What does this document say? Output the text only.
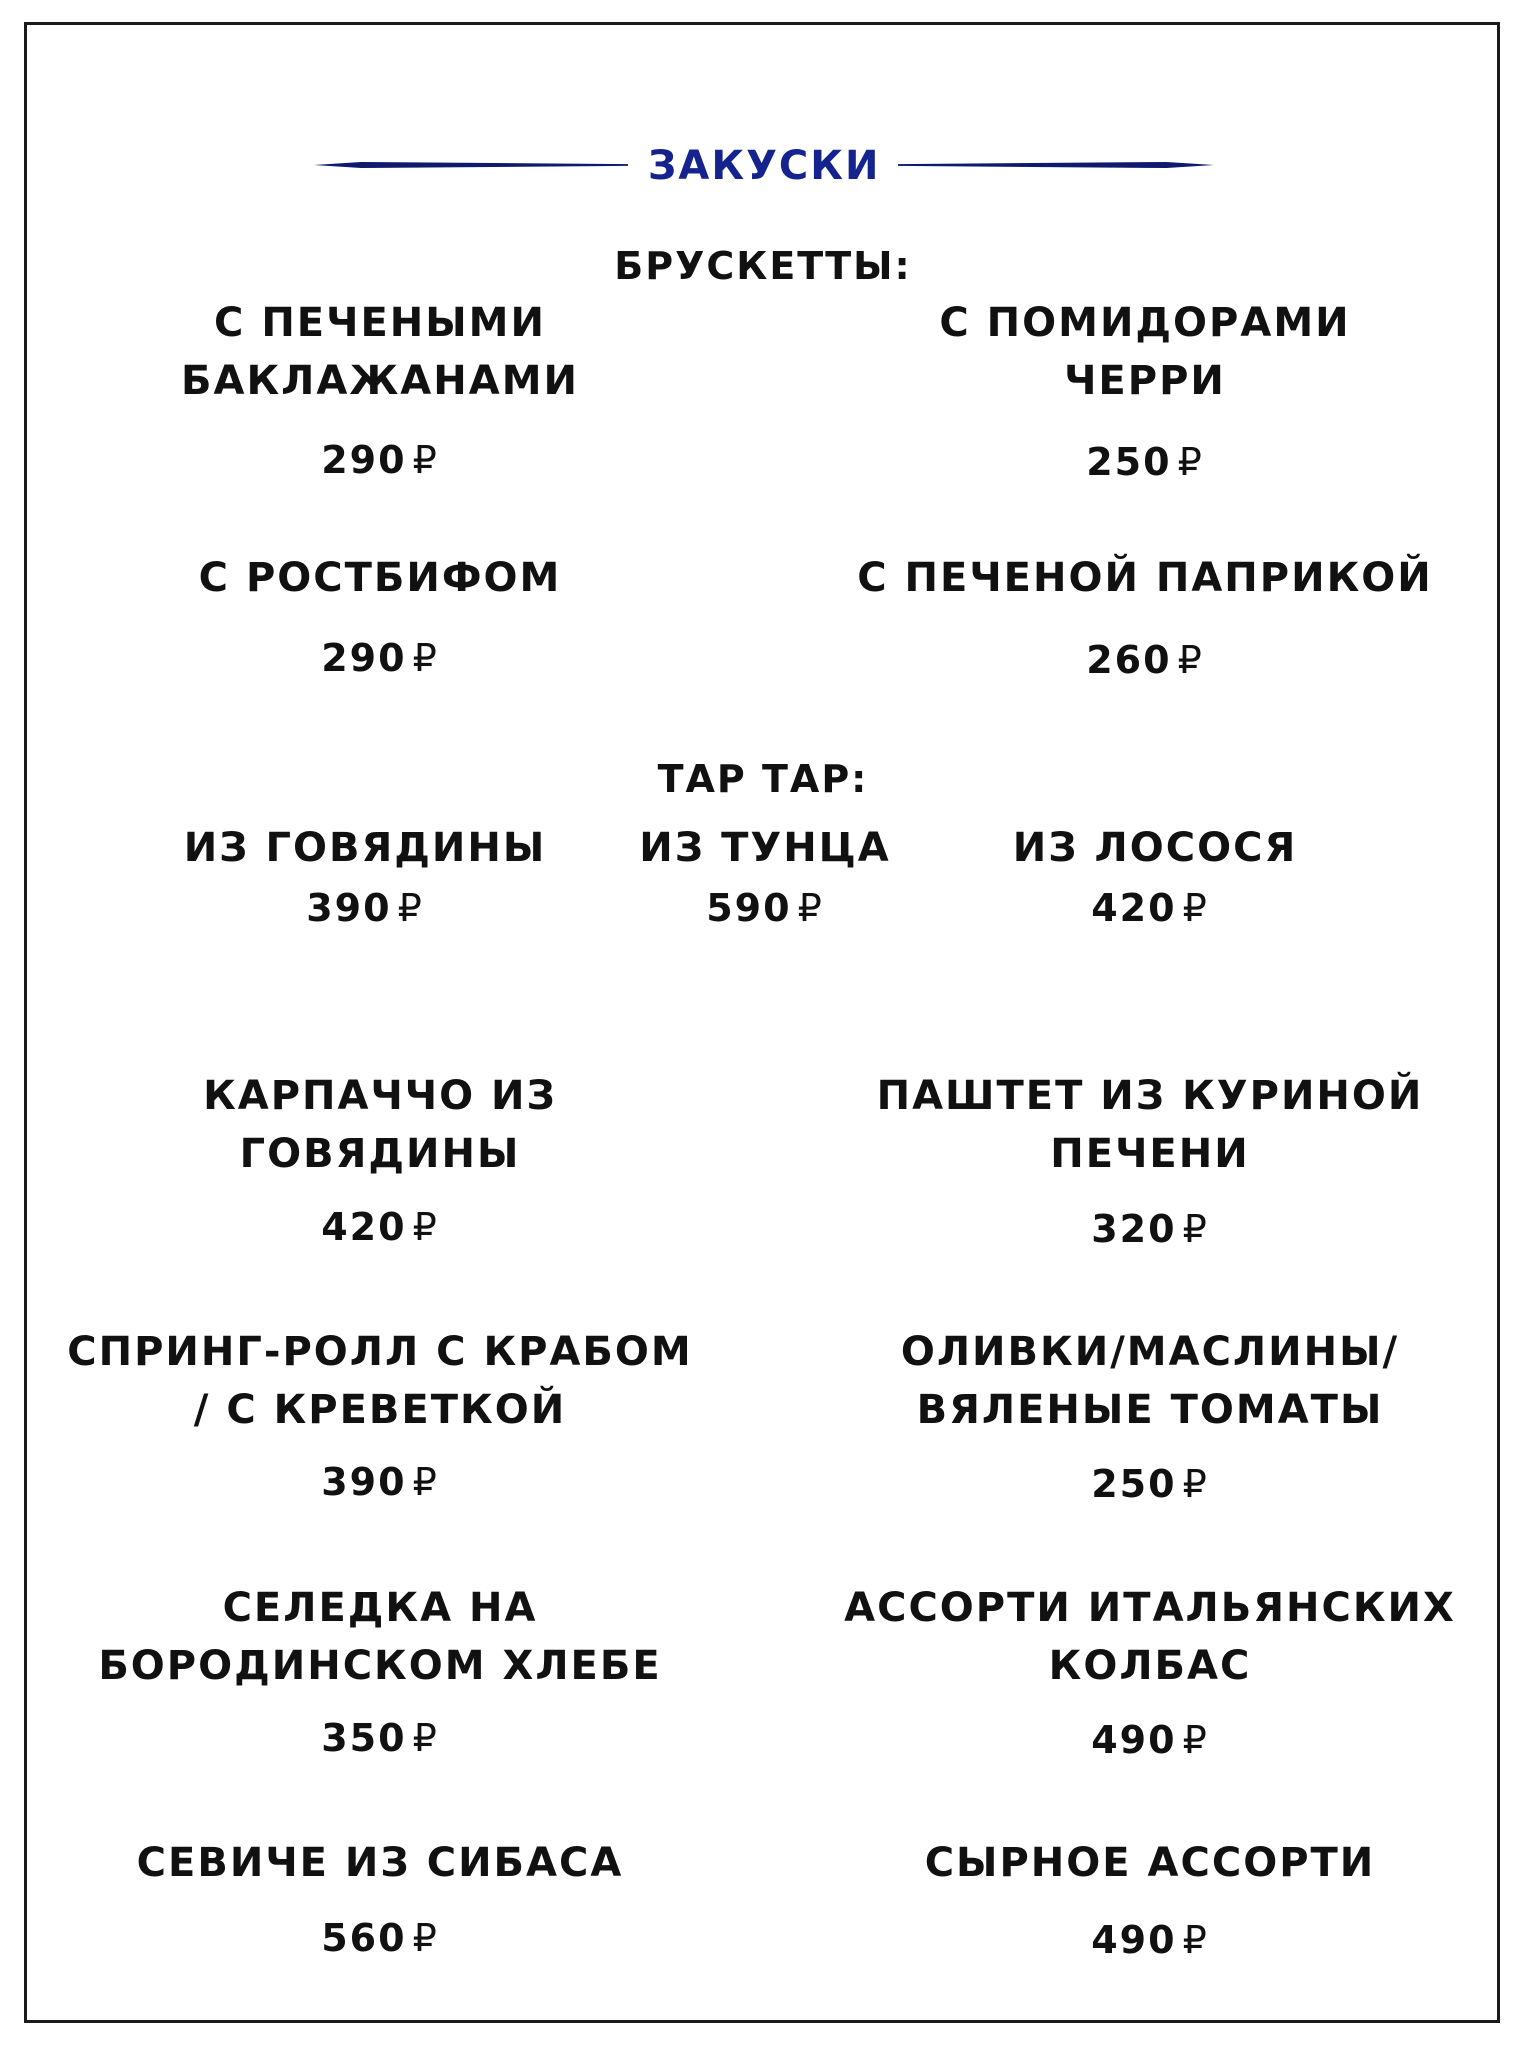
ЗАКУСКИ
БРУСКЕТТЫ:
С ПЕЧЕНЫМИ
БАКЛАЖАНАМИ
290 ₽
С ПОМИДОРАМИ
ЧЕРРИ
250 ₽
С РОСТБИФОМ
290 ₽
С ПЕЧЕНОЙ ПАПРИКОЙ
260 ₽
ТАР ТАР:
ИЗ ГОВЯДИНЫ
390 ₽
ИЗ ТУНЦА
590 ₽
ИЗ ЛОСОСЯ
420 ₽
КАРПАЧЧО ИЗ
ГОВЯДИНЫ
420 ₽
ПАШТЕТ ИЗ КУРИНОЙ
ПЕЧЕНИ
320 ₽
СПРИНГ-РОЛЛ С КРАБОМ
/ С КРЕВЕТКОЙ
390 ₽
ОЛИВКИ/МАСЛИНЫ/
ВЯЛЕНЫЕ ТОМАТЫ
250 ₽
СЕЛЕДКА НА
БОРОДИНСКОМ ХЛЕБЕ
350 ₽
АССОРТИ ИТАЛЬЯНСКИХ
КОЛБАС
490 ₽
СЕВИЧЕ ИЗ СИБАСА
560 ₽
СЫРНОЕ АССОРТИ
490 ₽
